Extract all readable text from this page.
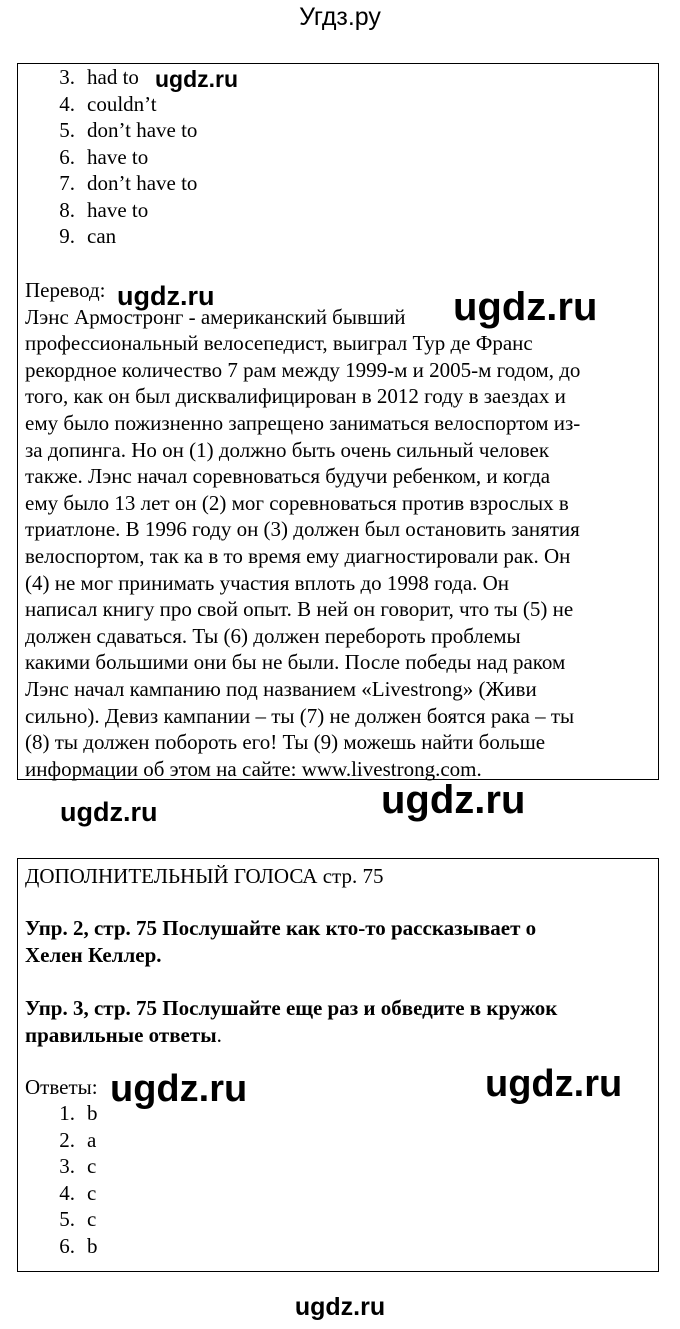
Угдз.ру
3. had to
4. couldn’t
5. don’t have to
6. have to
7. don’t have to
8. have to
9. can
Перевод:
Лэнс Армостронг - американский бывший
профессиональный велосепедист, выиграл Тур де Франс
рекордное количество 7 рам между 1999-м и 2005-м годом, до
того, как он был дисквалифицирован в 2012 году в заездах и
ему было пожизненно запрещено заниматься велоспортом из-
за допинга. Но он (1) должно быть очень сильный человек
также. Лэнс начал соревноваться будучи ребенком, и когда
ему было 13 лет он (2) мог соревноваться против взрослых в
триатлоне. В 1996 году он (3) должен был остановить занятия
велоспортом, так ка в то время ему диагностировали рак. Он
(4) не мог принимать участия вплоть до 1998 года. Он
написал книгу про свой опыт. В ней он говорит, что ты (5) не
должен сдаваться. Ты (6) должен перебороть проблемы
какими большими они бы не были. После победы над раком
Лэнс начал кампанию под названием «Livestrong» (Живи
сильно). Девиз кампании – ты (7) не должен боятся рака – ты
(8) ты должен побороть его! Ты (9) можешь найти больше
информации об этом на сайте: www.livestrong.com.
ДОПОЛНИТЕЛЬНЫЙ ГОЛОСА стр. 75
Упр. 2, стр. 75 Послушайте как кто-то рассказывает о
Хелен Келлер.
Упр. 3, стр. 75 Послушайте еще раз и обведите в кружок
правильные ответы.
Ответы:
1. b
2. a
3. c
4. c
5. c
6. b
ugdz.ru
ugdz.ru	ugdz.ru
ugdz.ru	ugdz.ru
ugdz.ru	ugdz.ru
ugdz.ru
